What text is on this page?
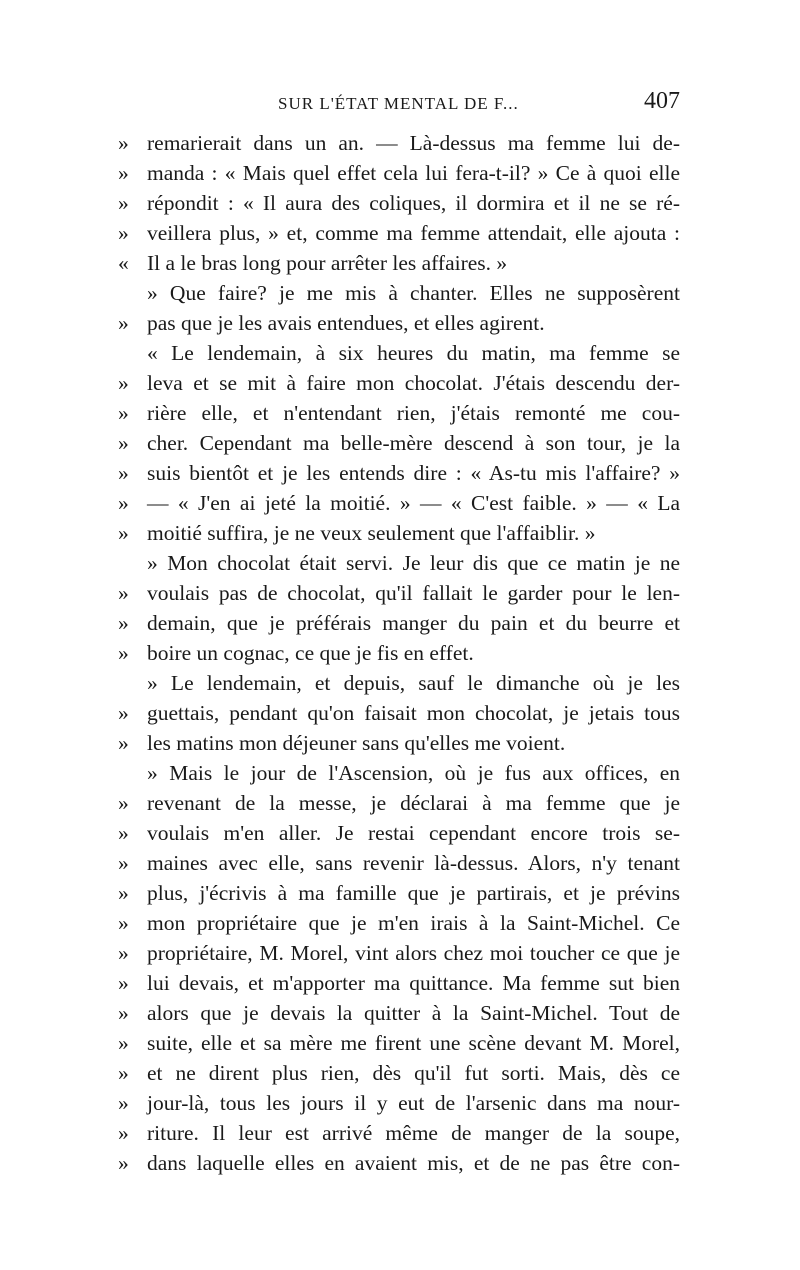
SUR L'ÉTAT MENTAL DE F...	407
» remarierait dans un an. — Là-dessus ma femme lui de-
» manda : « Mais quel effet cela lui fera-t-il? » Ce à quoi elle
» répondit : « Il aura des coliques, il dormira et il ne se ré-
» veillera plus, » et, comme ma femme attendait, elle ajouta :
« Il a le bras long pour arrêter les affaires. »
» Que faire? je me mis à chanter. Elles ne supposèrent
» pas que je les avais entendues, et elles agirent.
« Le lendemain, à six heures du matin, ma femme se
» leva et se mit à faire mon chocolat. J'étais descendu der-
» rière elle, et n'entendant rien, j'étais remonté me cou-
» cher. Cependant ma belle-mère descend à son tour, je la
» suis bientôt et je les entends dire : « As-tu mis l'affaire? »
» — « J'en ai jeté la moitié. » — « C'est faible. » — « La
» moitié suffira, je ne veux seulement que l'affaiblir. »
» Mon chocolat était servi. Je leur dis que ce matin je ne
» voulais pas de chocolat, qu'il fallait le garder pour le len-
» demain, que je préférais manger du pain et du beurre et
» boire un cognac, ce que je fis en effet.
» Le lendemain, et depuis, sauf le dimanche où je les
» guettais, pendant qu'on faisait mon chocolat, je jetais tous
» les matins mon déjeuner sans qu'elles me voient.
» Mais le jour de l'Ascension, où je fus aux offices, en
» revenant de la messe, je déclarai à ma femme que je
» voulais m'en aller. Je restai cependant encore trois se-
» maines avec elle, sans revenir là-dessus. Alors, n'y tenant
» plus, j'écrivis à ma famille que je partirais, et je prévins
» mon propriétaire que je m'en irais à la Saint-Michel. Ce
» propriétaire, M. Morel, vint alors chez moi toucher ce que je
» lui devais, et m'apporter ma quittance. Ma femme sut bien
» alors que je devais la quitter à la Saint-Michel. Tout de
» suite, elle et sa mère me firent une scène devant M. Morel,
» et ne dirent plus rien, dès qu'il fut sorti. Mais, dès ce
» jour-là, tous les jours il y eut de l'arsenic dans ma nour-
» riture. Il leur est arrivé même de manger de la soupe,
» dans laquelle elles en avaient mis, et de ne pas être con-
